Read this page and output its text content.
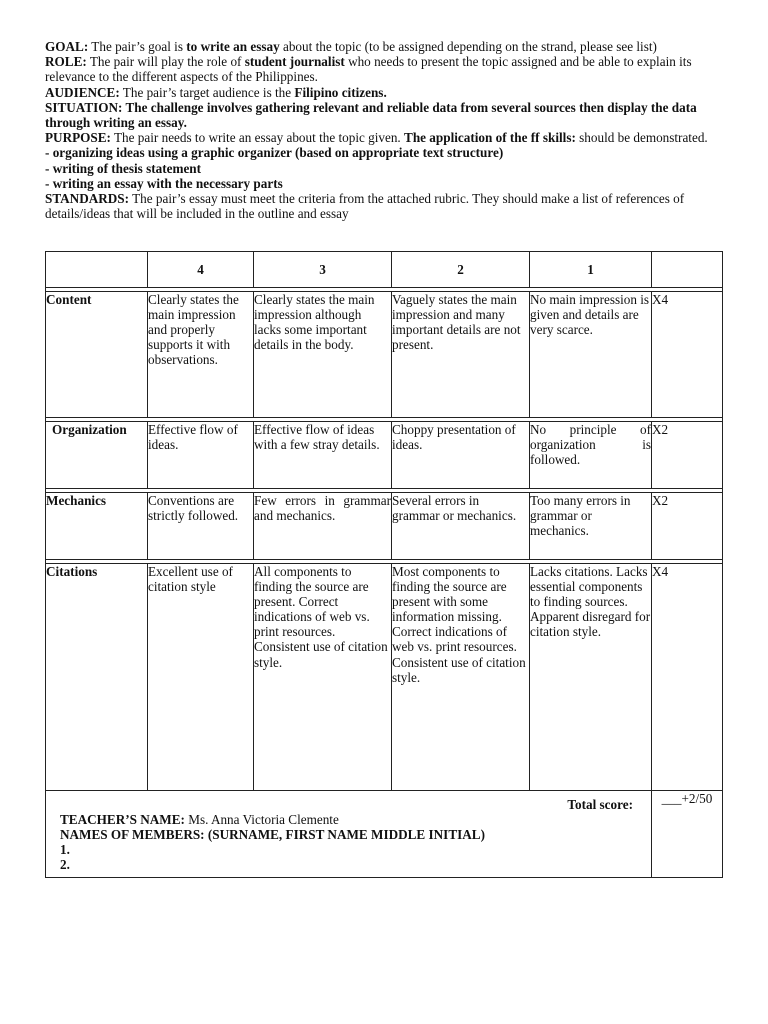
GOAL: The pair’s goal is to write an essay about the topic (to be assigned depending on the strand, please see list)

ROLE: The pair will play the role of student journalist who needs to present the topic assigned and be able to explain its relevance to the different aspects of the Philippines.

AUDIENCE: The pair’s target audience is the Filipino citizens.

SITUATION: The challenge involves gathering relevant and reliable data from several sources then display the data through writing an essay.

PURPOSE: The pair needs to write an essay about the topic given. The application of the ff skills: should be demonstrated.

- organizing ideas using a graphic organizer (based on appropriate text structure)

- writing of thesis statement

- writing an essay with the necessary parts

STANDARDS: The pair’s essay must meet the criteria from the attached rubric. They should make a list of references of details/ideas that will be included in the outline and essay

	4	3	2	1	

Content	Clearly states the main impression and properly supports it with observations.	Clearly states the main impression although lacks some important details in the body.	Vaguely states the main impression and many important details are not present.	No main impression is given and details are very scarce.	X4

Organization	Effective flow of ideas.	Effective flow of ideas with a few stray details.	Choppy presentation of ideas.	No principle of organization is followed.	X2

Mechanics	Conventions are strictly followed.	Few errors in grammar and mechanics.	Several errors in grammar or mechanics.	Too many errors in grammar or mechanics.	X2

Citations	Excellent use of citation style	All components to finding the source are present. Correct indications of web vs. print resources. Consistent use of citation style.	Most components to finding the source are present with some information missing. Correct indications of web vs. print resources. Consistent use of citation style.	Lacks citations. Lacks essential components to finding sources. Apparent disregard for citation style.	X4

Total score:
TEACHER’S NAME: Ms. Anna Victoria Clemente
NAMES OF MEMBERS: (SURNAME, FIRST NAME MIDDLE INITIAL)
1.
2.					___+2/50
